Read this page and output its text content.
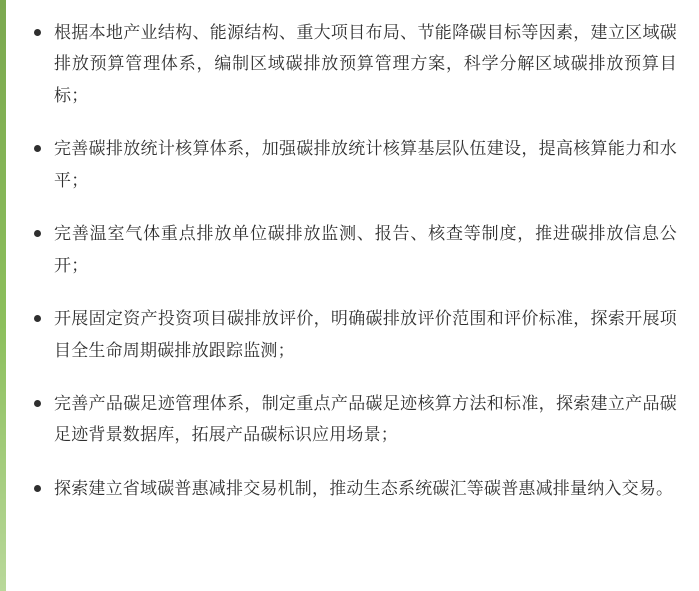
根据本地产业结构、能源结构、重大项目布局、节能降碳目标等因素，建立区域碳排放预算管理体系，编制区域碳排放预算管理方案，科学分解区域碳排放预算目标；
完善碳排放统计核算体系，加强碳排放统计核算基层队伍建设，提高核算能力和水平；
完善温室气体重点排放单位碳排放监测、报告、核查等制度，推进碳排放信息公开；
开展固定资产投资项目碳排放评价，明确碳排放评价范围和评价标准，探索开展项目全生命周期碳排放跟踪监测；
完善产品碳足迹管理体系，制定重点产品碳足迹核算方法和标准，探索建立产品碳足迹背景数据库，拓展产品碳标识应用场景；
探索建立省域碳普惠减排交易机制，推动生态系统碳汇等碳普惠减排量纳入交易。
